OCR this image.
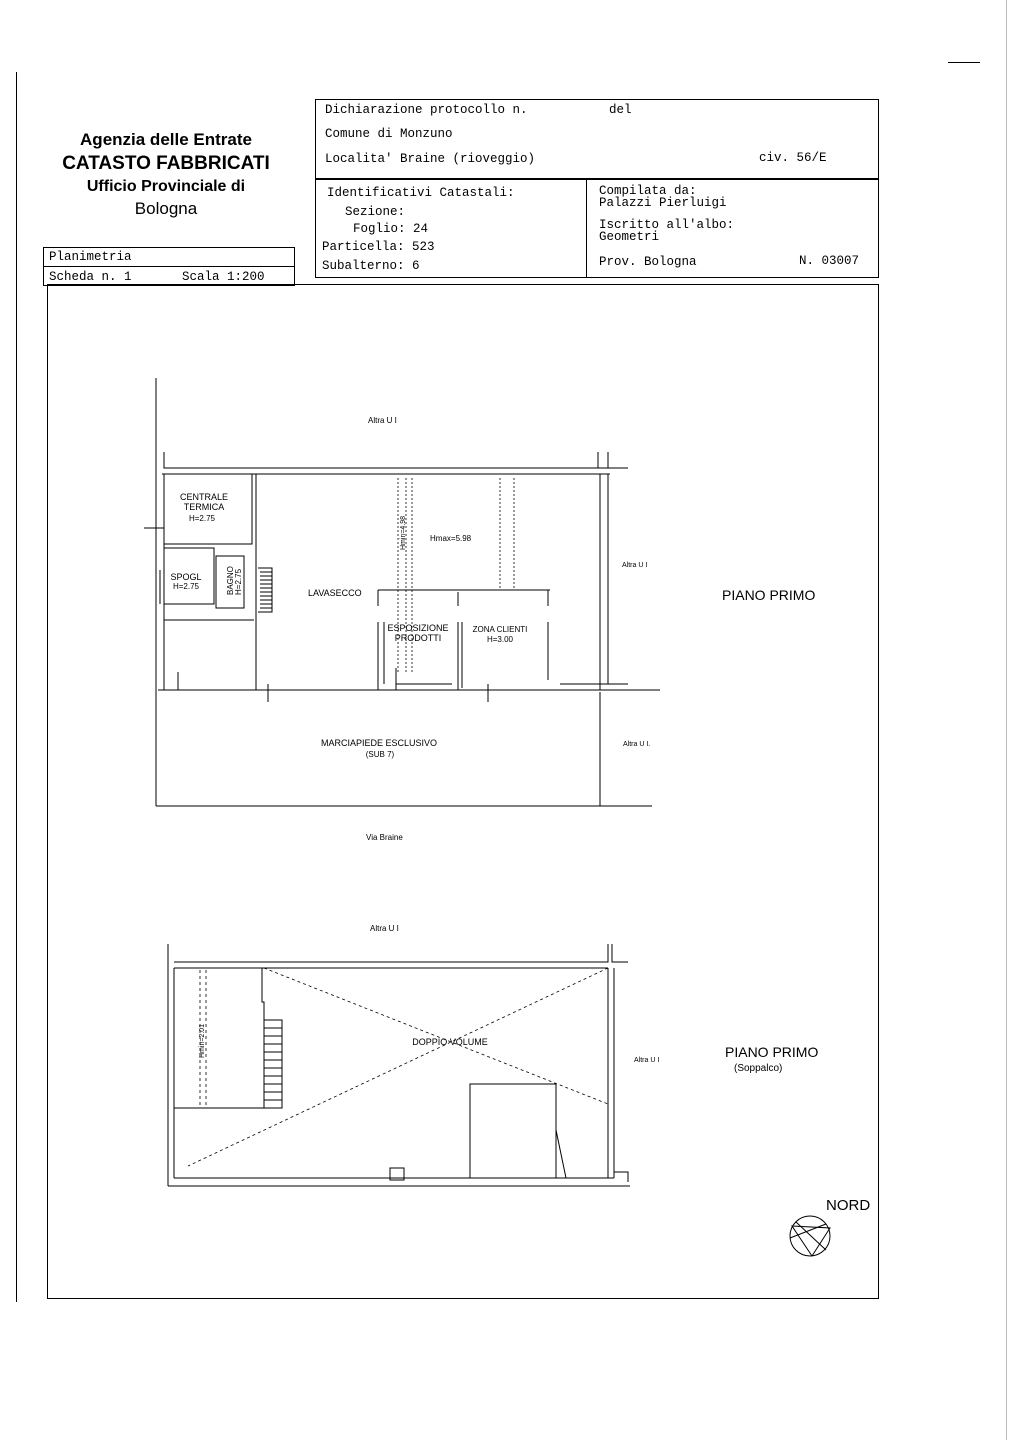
Agenzia delle Entrate
CATASTO FABBRICATI
Ufficio Provinciale di
Bologna
Planimetria
Scheda n. 1	Scala 1:200
Dichiarazione protocollo n.	del
Comune di Monzuno
Localita' Braine (rioveggio)	civ. 56/E
Identificativi Catastali:
Sezione:
Foglio: 24
Particella: 523
Subalterno: 6
Compilata da:
Palazzi Pierluigi
Iscritto all'albo:
Geometri
Prov. Bologna	N. 03007
Altra U I
CENTRALE
TERMICA
H=2.75
SPOGL
H=2.75	BAGNO H=2.75	LAVASECCO
Hmin=4.98	Hmax=5.98
ESPOSIZIONE
PRODOTTI
ZONA CLIENTI
H=3.00
Altra U I
MARCIAPIEDE ESCLUSIVO
(SUB 7)
Altra U I.
Via Braine
PIANO PRIMO
Altra U I
Hmin=2.01	DOPPIO VOLUME
Altra U I
PIANO PRIMO
(Soppalco)
NORD
